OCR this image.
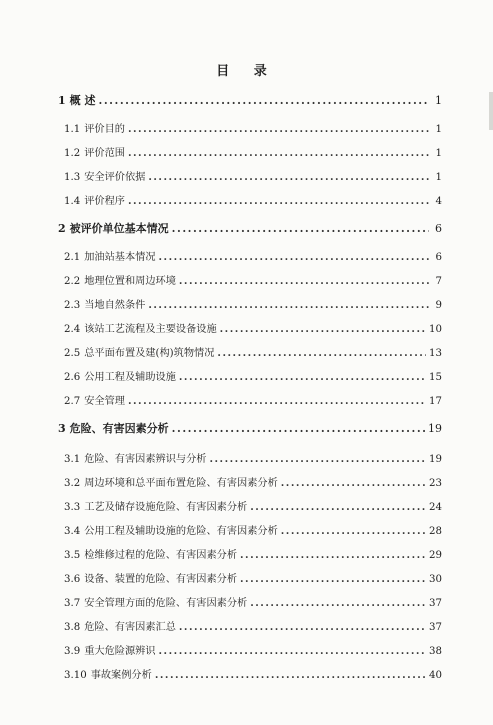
目 录
1 概 述 .....	1
1.1 评价目的 .....	1
1.2 评价范围 .....	1
1.3 安全评价依据 .....	1
1.4 评价程序 .....	4
2 被评价单位基本情况 .....	6
2.1 加油站基本情况 .....	6
2.2 地理位置和周边环境 .....	7
2.3 当地自然条件 .....	9
2.4 该站工艺流程及主要设备设施 .....	10
2.5 总平面布置及建(构)筑物情况 .....	13
2.6 公用工程及辅助设施 .....	15
2.7 安全管理 .....	17
3 危险、有害因素分析 .....	19
3.1 危险、有害因素辨识与分析 .....	19
3.2 周边环境和总平面布置危险、有害因素分析 .....	23
3.3 工艺及储存设施危险、有害因素分析 .....	24
3.4 公用工程及辅助设施的危险、有害因素分析 .....	28
3.5 检维修过程的危险、有害因素分析 .....	29
3.6 设备、装置的危险、有害因素分析 .....	30
3.7 安全管理方面的危险、有害因素分析 .....	37
3.8 危险、有害因素汇总 .....	37
3.9 重大危险源辨识 .....	38
3.10 事故案例分析 .....	40
